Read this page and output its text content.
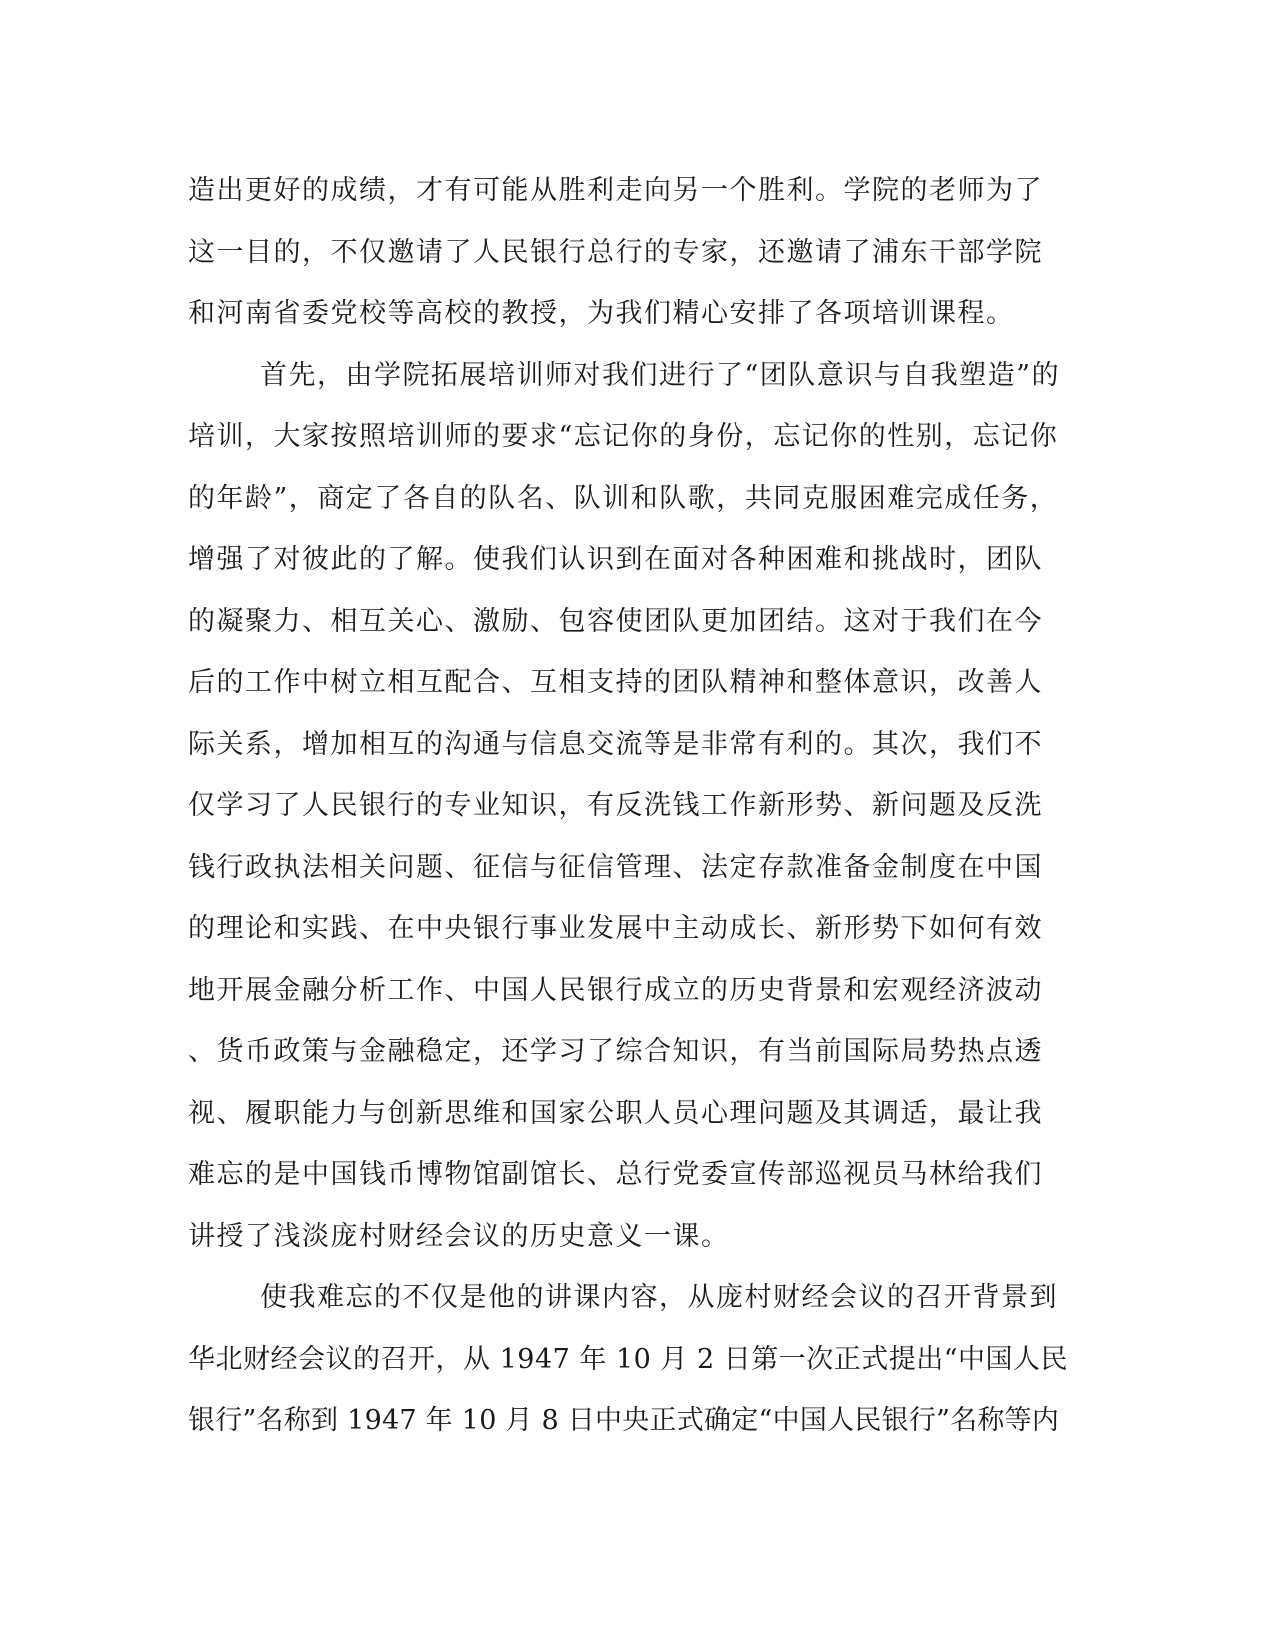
造出更好的成绩，才有可能从胜利走向另一个胜利。学院的老师为了
这一目的，不仅邀请了人民银行总行的专家，还邀请了浦东干部学院
和河南省委党校等高校的教授，为我们精心安排了各项培训课程。
首先，由学院拓展培训师对我们进行了“团队意识与自我塑造”的
培训，大家按照培训师的要求“忘记你的身份，忘记你的性别，忘记你
的年龄”，商定了各自的队名、队训和队歌，共同克服困难完成任务，
增强了对彼此的了解。使我们认识到在面对各种困难和挑战时，团队
的凝聚力、相互关心、激励、包容使团队更加团结。这对于我们在今
后的工作中树立相互配合、互相支持的团队精神和整体意识，改善人
际关系，增加相互的沟通与信息交流等是非常有利的。其次，我们不
仅学习了人民银行的专业知识，有反洗钱工作新形势、新问题及反洗
钱行政执法相关问题、征信与征信管理、法定存款准备金制度在中国
的理论和实践、在中央银行事业发展中主动成长、新形势下如何有效
地开展金融分析工作、中国人民银行成立的历史背景和宏观经济波动
、货币政策与金融稳定，还学习了综合知识，有当前国际局势热点透
视、履职能力与创新思维和国家公职人员心理问题及其调适，最让我
难忘的是中国钱币博物馆副馆长、总行党委宣传部巡视员马林给我们
讲授了浅淡庞村财经会议的历史意义一课。
使我难忘的不仅是他的讲课内容，从庞村财经会议的召开背景到
华北财经会议的召开，从 1947 年 10 月 2 日第一次正式提出“中国人民
银行”名称到 1947 年 10 月 8 日中央正式确定“中国人民银行”名称等内
